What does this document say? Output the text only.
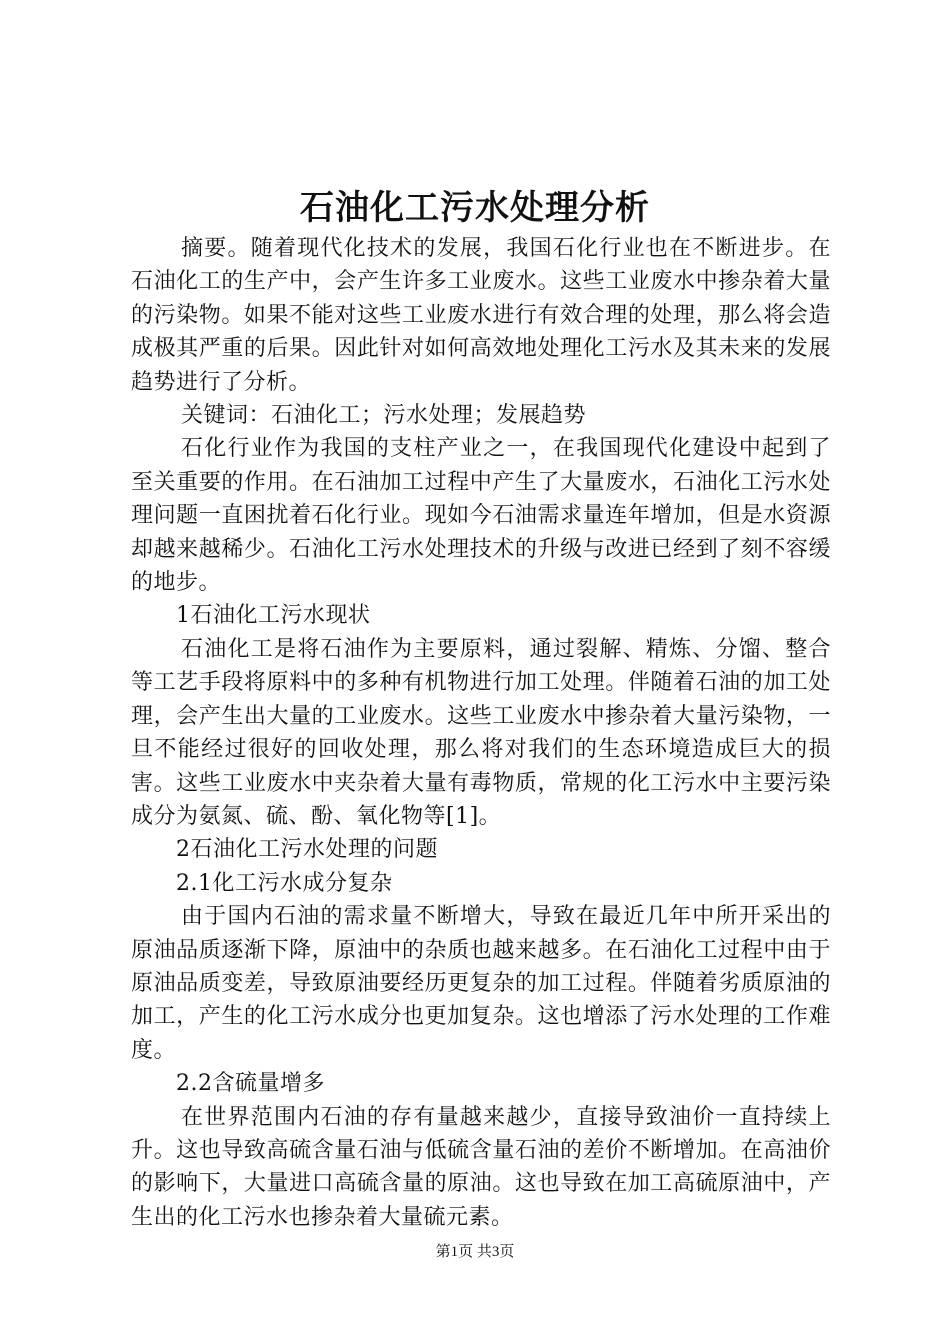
石油化工污水处理分析

摘要。随着现代化技术的发展，我国石化行业也在不断进步。在石油化工的生产中，会产生许多工业废水。这些工业废水中掺杂着大量的污染物。如果不能对这些工业废水进行有效合理的处理，那么将会造成极其严重的后果。因此针对如何高效地处理化工污水及其未来的发展趋势进行了分析。

关键词：石油化工；污水处理；发展趋势

石化行业作为我国的支柱产业之一，在我国现代化建设中起到了至关重要的作用。在石油加工过程中产生了大量废水，石油化工污水处理问题一直困扰着石化行业。现如今石油需求量连年增加，但是水资源却越来越稀少。石油化工污水处理技术的升级与改进已经到了刻不容缓的地步。

1石油化工污水现状

石油化工是将石油作为主要原料，通过裂解、精炼、分馏、整合等工艺手段将原料中的多种有机物进行加工处理。伴随着石油的加工处理，会产生出大量的工业废水。这些工业废水中掺杂着大量污染物，一旦不能经过很好的回收处理，那么将对我们的生态环境造成巨大的损害。这些工业废水中夹杂着大量有毒物质，常规的化工污水中主要污染成分为氨氮、硫、酚、氧化物等[1]。

2石油化工污水处理的问题

2.1化工污水成分复杂

由于国内石油的需求量不断增大，导致在最近几年中所开采出的原油品质逐渐下降，原油中的杂质也越来越多。在石油化工过程中由于原油品质变差，导致原油要经历更复杂的加工过程。伴随着劣质原油的加工，产生的化工污水成分也更加复杂。这也增添了污水处理的工作难度。

2.2含硫量增多

在世界范围内石油的存有量越来越少，直接导致油价一直持续上升。这也导致高硫含量石油与低硫含量石油的差价不断增加。在高油价的影响下，大量进口高硫含量的原油。这也导致在加工高硫原油中，产生出的化工污水也掺杂着大量硫元素。

第1页 共3页
